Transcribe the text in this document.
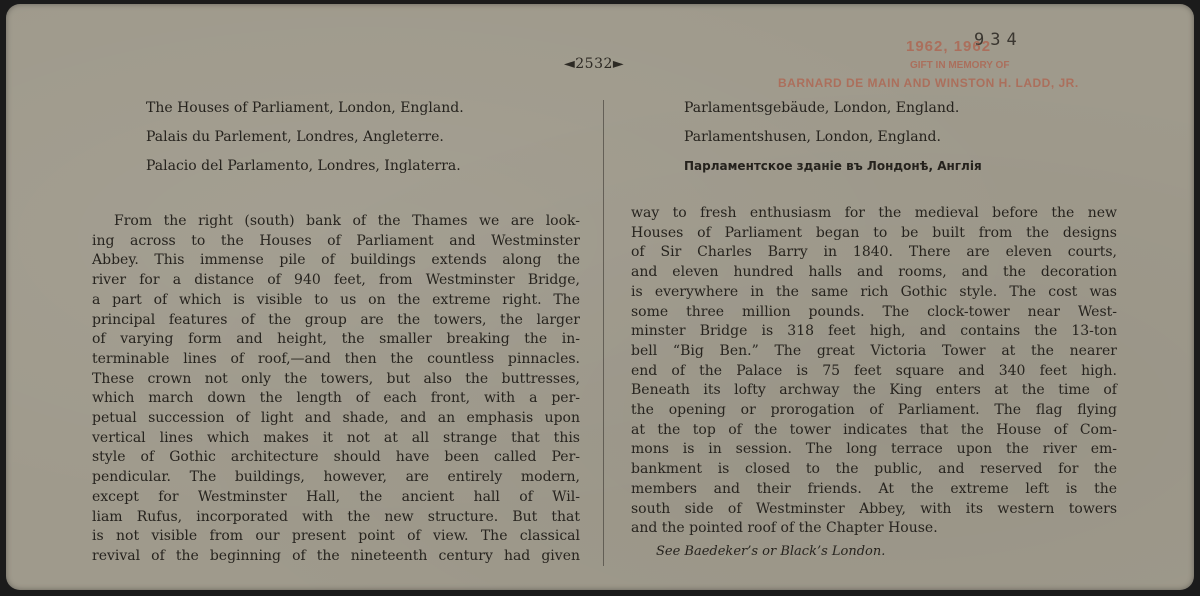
◄2532►
934
1962, 1962
GIFT IN MEMORY OF
BARNARD DE MAIN AND WINSTON H. LADD, JR.
The Houses of Parliament, London, England.
Palais du Parlement, Londres, Angleterre.
Palacio del Parlamento, Londres, Inglaterra.
Parlamentsgebäude, London, England.
Parlamentshusen, London, England.
Парламентское зданіе въ Лондонѣ, Англія
From the right (south) bank of the Thames we are look-
ing across to the Houses of Parliament and Westminster
Abbey. This immense pile of buildings extends along the
river for a distance of 940 feet, from Westminster Bridge,
a part of which is visible to us on the extreme right. The
principal features of the group are the towers, the larger
of varying form and height, the smaller breaking the in-
terminable lines of roof,—and then the countless pinnacles.
These crown not only the towers, but also the buttresses,
which march down the length of each front, with a per-
petual succession of light and shade, and an emphasis upon
vertical lines which makes it not at all strange that this
style of Gothic architecture should have been called Per-
pendicular. The buildings, however, are entirely modern,
except for Westminster Hall, the ancient hall of Wil-
liam Rufus, incorporated with the new structure. But that
is not visible from our present point of view. The classical
revival of the beginning of the nineteenth century had given
way to fresh enthusiasm for the medieval before the new
Houses of Parliament began to be built from the designs
of Sir Charles Barry in 1840. There are eleven courts,
and eleven hundred halls and rooms, and the decoration
is everywhere in the same rich Gothic style. The cost was
some three million pounds. The clock-tower near West-
minster Bridge is 318 feet high, and contains the 13-ton
bell “Big Ben.” The great Victoria Tower at the nearer
end of the Palace is 75 feet square and 340 feet high.
Beneath its lofty archway the King enters at the time of
the opening or prorogation of Parliament. The flag flying
at the top of the tower indicates that the House of Com-
mons is in session. The long terrace upon the river em-
bankment is closed to the public, and reserved for the
members and their friends. At the extreme left is the
south side of Westminster Abbey, with its western towers
and the pointed roof of the Chapter House.
See Baedeker’s or Black’s London.
